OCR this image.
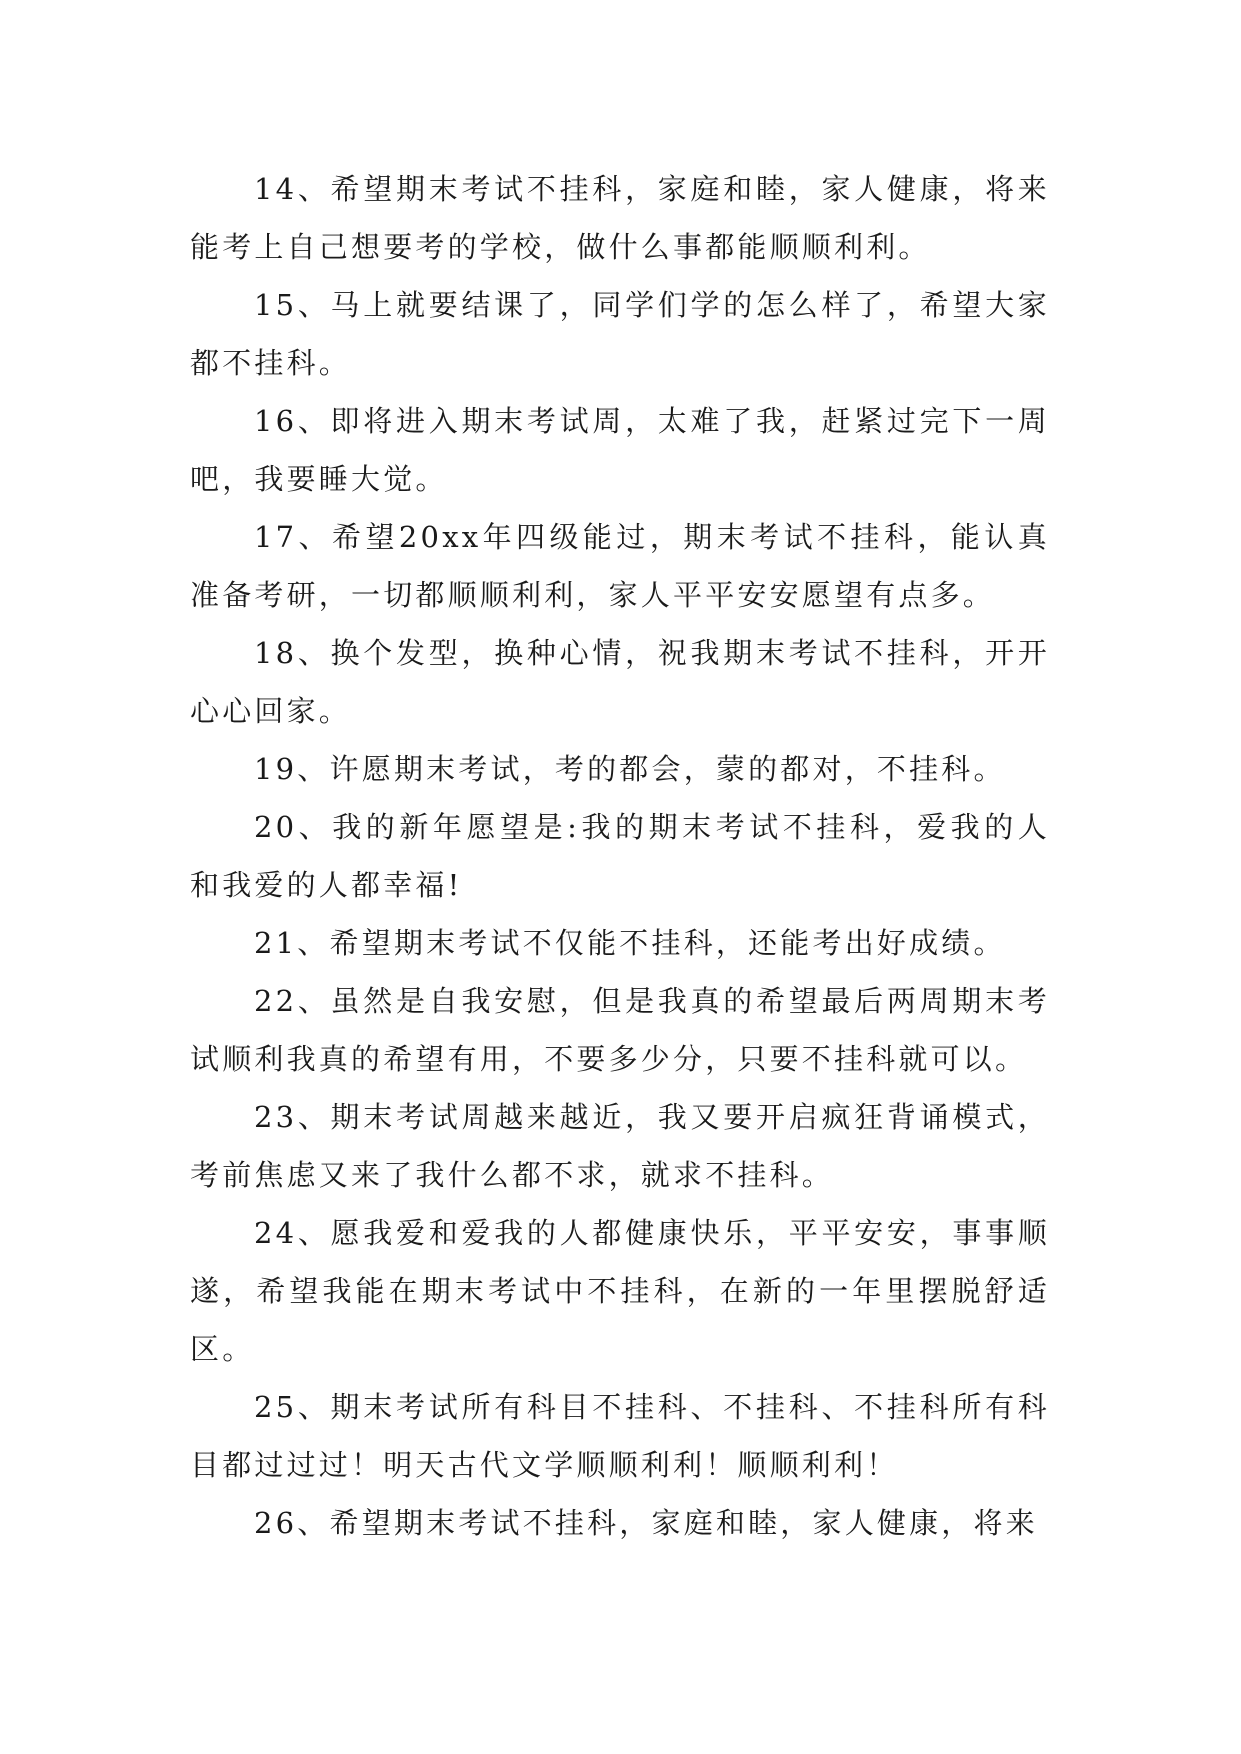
14、希望期末考试不挂科，家庭和睦，家人健康，将来能考上自己想要考的学校，做什么事都能顺顺利利。

15、马上就要结课了，同学们学的怎么样了，希望大家都不挂科。

16、即将进入期末考试周，太难了我，赶紧过完下一周吧，我要睡大觉。

17、希望20xx年四级能过，期末考试不挂科，能认真准备考研，一切都顺顺利利，家人平平安安愿望有点多。

18、换个发型，换种心情，祝我期末考试不挂科，开开心心回家。

19、许愿期末考试，考的都会，蒙的都对，不挂科。

20、我的新年愿望是:我的期末考试不挂科，爱我的人和我爱的人都幸福!

21、希望期末考试不仅能不挂科，还能考出好成绩。

22、虽然是自我安慰，但是我真的希望最后两周期末考试顺利我真的希望有用，不要多少分，只要不挂科就可以。

23、期末考试周越来越近，我又要开启疯狂背诵模式，考前焦虑又来了我什么都不求，就求不挂科。

24、愿我爱和爱我的人都健康快乐，平平安安，事事顺遂，希望我能在期末考试中不挂科，在新的一年里摆脱舒适区。

25、期末考试所有科目不挂科、不挂科、不挂科所有科目都过过过！明天古代文学顺顺利利！顺顺利利！

26、希望期末考试不挂科，家庭和睦，家人健康，将来
